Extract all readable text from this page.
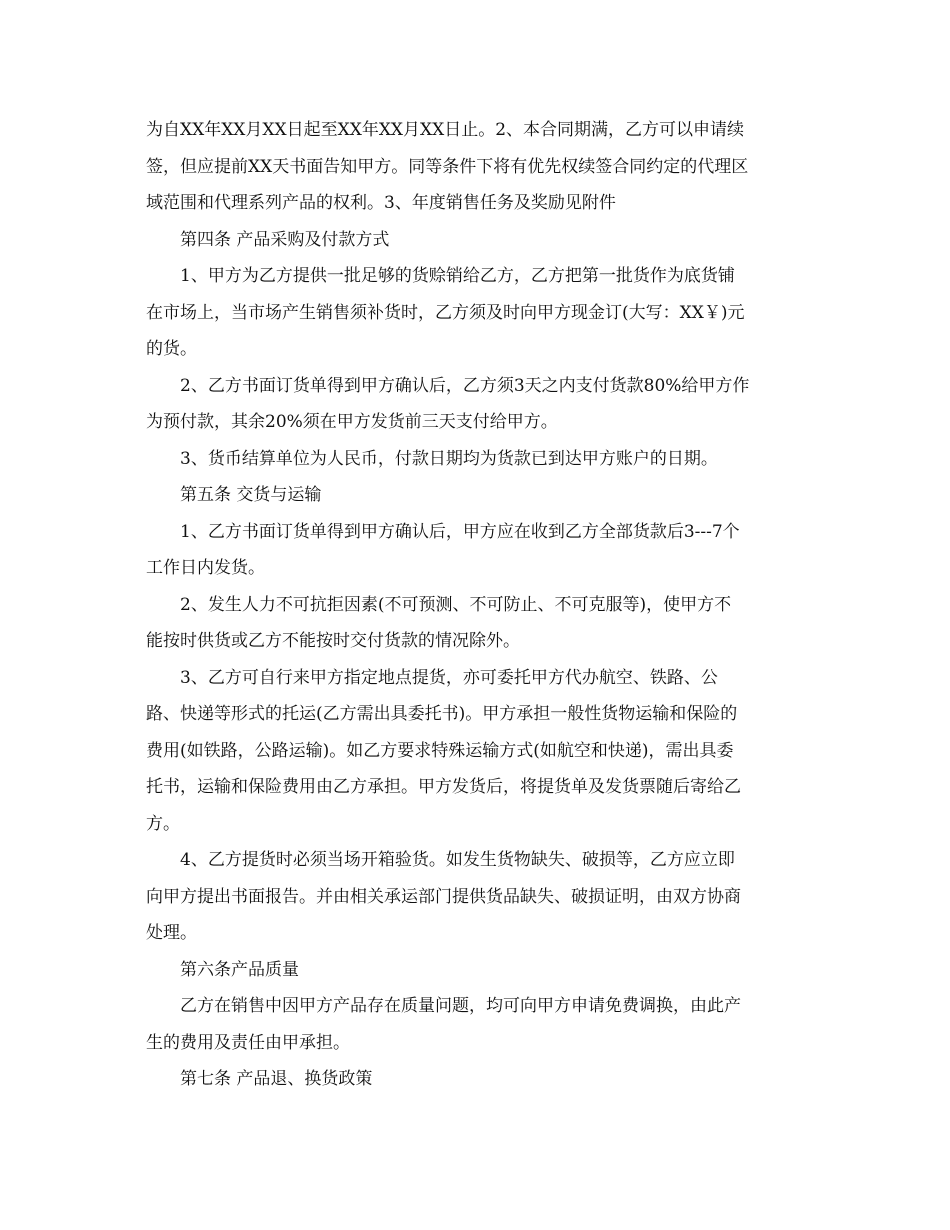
为自XX年XX月XX日起至XX年XX月XX日止。2、本合同期满，乙方可以申请续
签，但应提前XX天书面告知甲方。同等条件下将有优先权续签合同约定的代理区
域范围和代理系列产品的权利。3、年度销售任务及奖励见附件
第四条 产品采购及付款方式
1、甲方为乙方提供一批足够的货赊销给乙方，乙方把第一批货作为底货铺
在市场上，当市场产生销售须补货时，乙方须及时向甲方现金订(大写：XX￥)元
的货。
2、乙方书面订货单得到甲方确认后，乙方须3天之内支付货款80%给甲方作
为预付款，其余20%须在甲方发货前三天支付给甲方。
3、货币结算单位为人民币，付款日期均为货款已到达甲方账户的日期。
第五条 交货与运输
1、乙方书面订货单得到甲方确认后，甲方应在收到乙方全部货款后3---7个
工作日内发货。
2、发生人力不可抗拒因素(不可预测、不可防止、不可克服等)，使甲方不
能按时供货或乙方不能按时交付货款的情况除外。
3、乙方可自行来甲方指定地点提货，亦可委托甲方代办航空、铁路、公
路、快递等形式的托运(乙方需出具委托书)。甲方承担一般性货物运输和保险的
费用(如铁路，公路运输)。如乙方要求特殊运输方式(如航空和快递)，需出具委
托书，运输和保险费用由乙方承担。甲方发货后，将提货单及发货票随后寄给乙
方。
4、乙方提货时必须当场开箱验货。如发生货物缺失、破损等，乙方应立即
向甲方提出书面报告。并由相关承运部门提供货品缺失、破损证明，由双方协商
处理。
第六条产品质量
乙方在销售中因甲方产品存在质量问题，均可向甲方申请免费调换，由此产
生的费用及责任由甲承担。
第七条 产品退、换货政策
